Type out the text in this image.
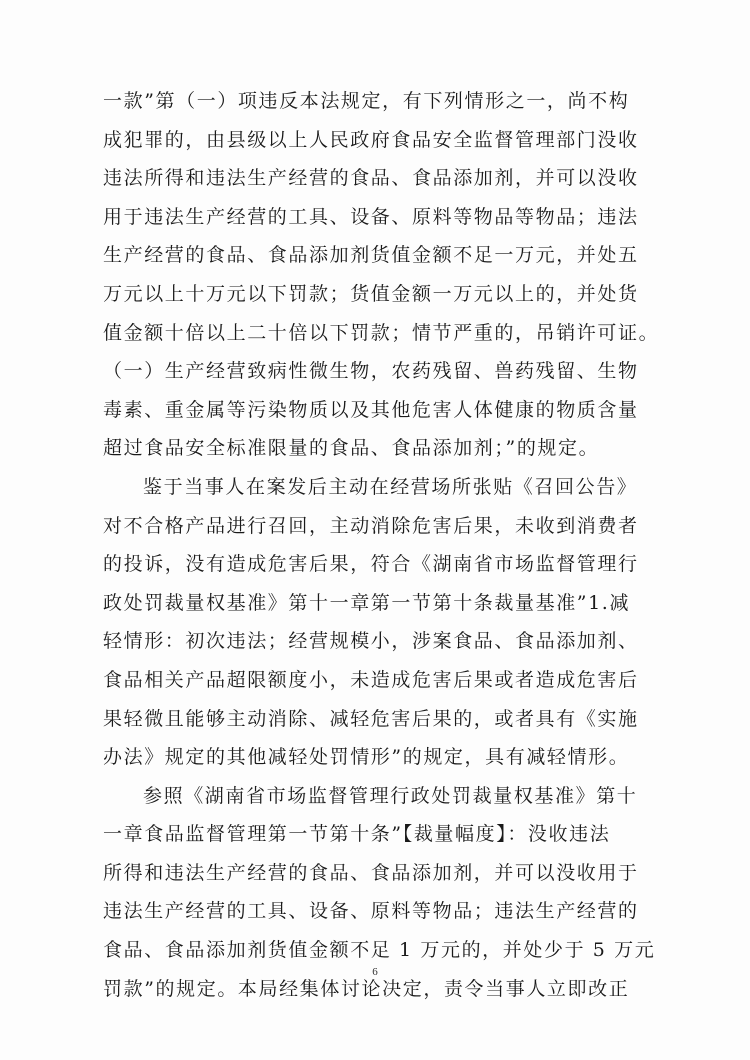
一款”第（一）项违反本法规定，有下列情形之一，尚不构
成犯罪的，由县级以上人民政府食品安全监督管理部门没收
违法所得和违法生产经营的食品、食品添加剂，并可以没收
用于违法生产经营的工具、设备、原料等物品等物品；违法
生产经营的食品、食品添加剂货值金额不足一万元，并处五
万元以上十万元以下罚款；货值金额一万元以上的，并处货
值金额十倍以上二十倍以下罚款；情节严重的，吊销许可证。
（一）生产经营致病性微生物，农药残留、兽药残留、生物
毒素、重金属等污染物质以及其他危害人体健康的物质含量
超过食品安全标准限量的食品、食品添加剂；”的规定。
鉴于当事人在案发后主动在经营场所张贴《召回公告》
对不合格产品进行召回，主动消除危害后果，未收到消费者
的投诉，没有造成危害后果，符合《湖南省市场监督管理行
政处罚裁量权基准》第十一章第一节第十条裁量基准”1.减
轻情形：初次违法；经营规模小，涉案食品、食品添加剂、
食品相关产品超限额度小，未造成危害后果或者造成危害后
果轻微且能够主动消除、减轻危害后果的，或者具有《实施
办法》规定的其他减轻处罚情形”的规定，具有减轻情形。
参照《湖南省市场监督管理行政处罚裁量权基准》第十
一章食品监督管理第一节第十条”【裁量幅度】：没收违法
所得和违法生产经营的食品、食品添加剂，并可以没收用于
违法生产经营的工具、设备、原料等物品；违法生产经营的
食品、食品添加剂货值金额不足 1 万元的，并处少于 5 万元
罚款”的规定。本局经集体讨论决定，责令当事人立即改正
6
